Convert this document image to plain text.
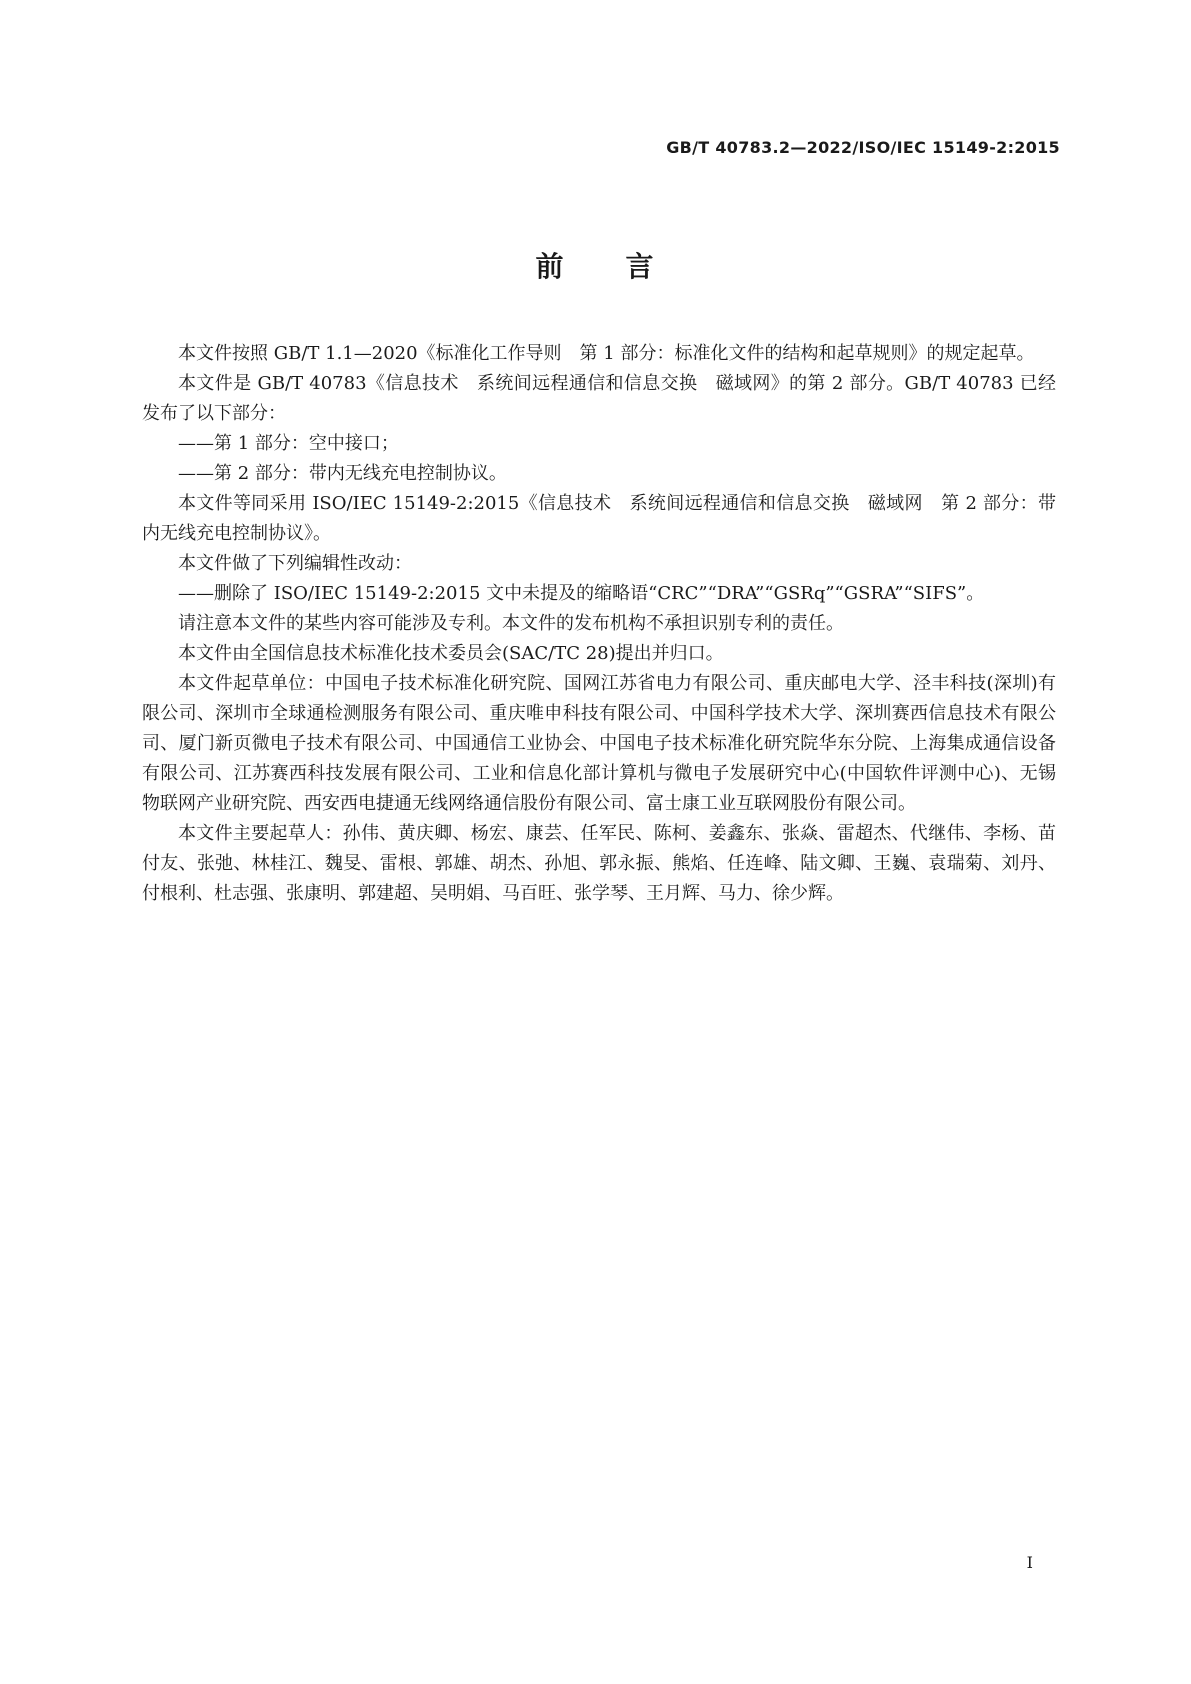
GB/T 40783.2—2022/ISO/IEC 15149-2:2015
前　　言

本文件按照 GB/T 1.1—2020《标准化工作导则　第 1 部分：标准化文件的结构和起草规则》的规定起草。

本文件是 GB/T 40783《信息技术　系统间远程通信和信息交换　磁域网》的第 2 部分。GB/T 40783 已经发布了以下部分：

——第 1 部分：空中接口；

——第 2 部分：带内无线充电控制协议。

本文件等同采用 ISO/IEC 15149-2:2015《信息技术　系统间远程通信和信息交换　磁域网　第 2 部分：带内无线充电控制协议》。

本文件做了下列编辑性改动：

——删除了 ISO/IEC 15149-2:2015 文中未提及的缩略语“CRC”“DRA”“GSRq”“GSRA”“SIFS”。

请注意本文件的某些内容可能涉及专利。本文件的发布机构不承担识别专利的责任。

本文件由全国信息技术标准化技术委员会(SAC/TC 28)提出并归口。

本文件起草单位：中国电子技术标准化研究院、国网江苏省电力有限公司、重庆邮电大学、泾丰科技(深圳)有限公司、深圳市全球通检测服务有限公司、重庆唯申科技有限公司、中国科学技术大学、深圳赛西信息技术有限公司、厦门新页微电子技术有限公司、中国通信工业协会、中国电子技术标准化研究院华东分院、上海集成通信设备有限公司、江苏赛西科技发展有限公司、工业和信息化部计算机与微电子发展研究中心(中国软件评测中心)、无锡物联网产业研究院、西安西电捷通无线网络通信股份有限公司、富士康工业互联网股份有限公司。

本文件主要起草人：孙伟、黄庆卿、杨宏、康芸、任军民、陈柯、姜鑫东、张焱、雷超杰、代继伟、李杨、苗付友、张弛、林桂江、魏旻、雷根、郭雄、胡杰、孙旭、郭永振、熊焰、任连峰、陆文卿、王巍、袁瑞菊、刘丹、付根利、杜志强、张康明、郭建超、吴明娟、马百旺、张学琴、王月辉、马力、徐少辉。

I
